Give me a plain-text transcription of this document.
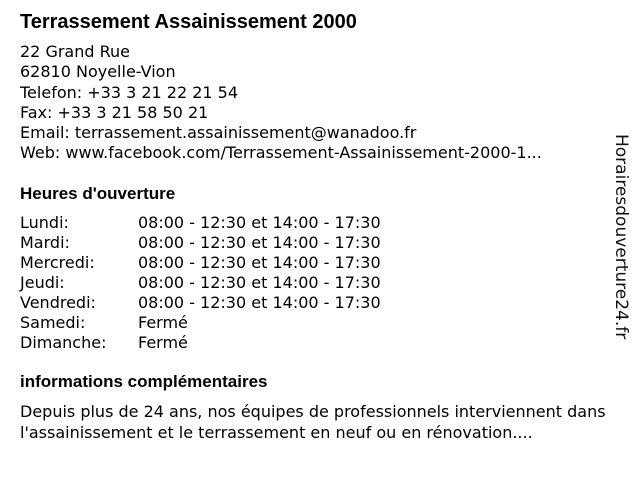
Terrassement Assainissement 2000
22 Grand Rue
62810 Noyelle-Vion
Telefon: +33 3 21 22 21 54
Fax: +33 3 21 58 50 21
Email: terrassement.assainissement@wanadoo.fr
Web: www.facebook.com/Terrassement-Assainissement-2000-1...
Heures d'ouverture
Lundi:	08:00 - 12:30 et 14:00 - 17:30
Mardi:	08:00 - 12:30 et 14:00 - 17:30
Mercredi:	08:00 - 12:30 et 14:00 - 17:30
Jeudi:	08:00 - 12:30 et 14:00 - 17:30
Vendredi:	08:00 - 12:30 et 14:00 - 17:30
Samedi:	Fermé
Dimanche:	Fermé
informations complémentaires
Depuis plus de 24 ans, nos équipes de professionnels interviennent dans l'assainissement et le terrassement en neuf ou en rénovation....
Horairesdouverture24.fr
